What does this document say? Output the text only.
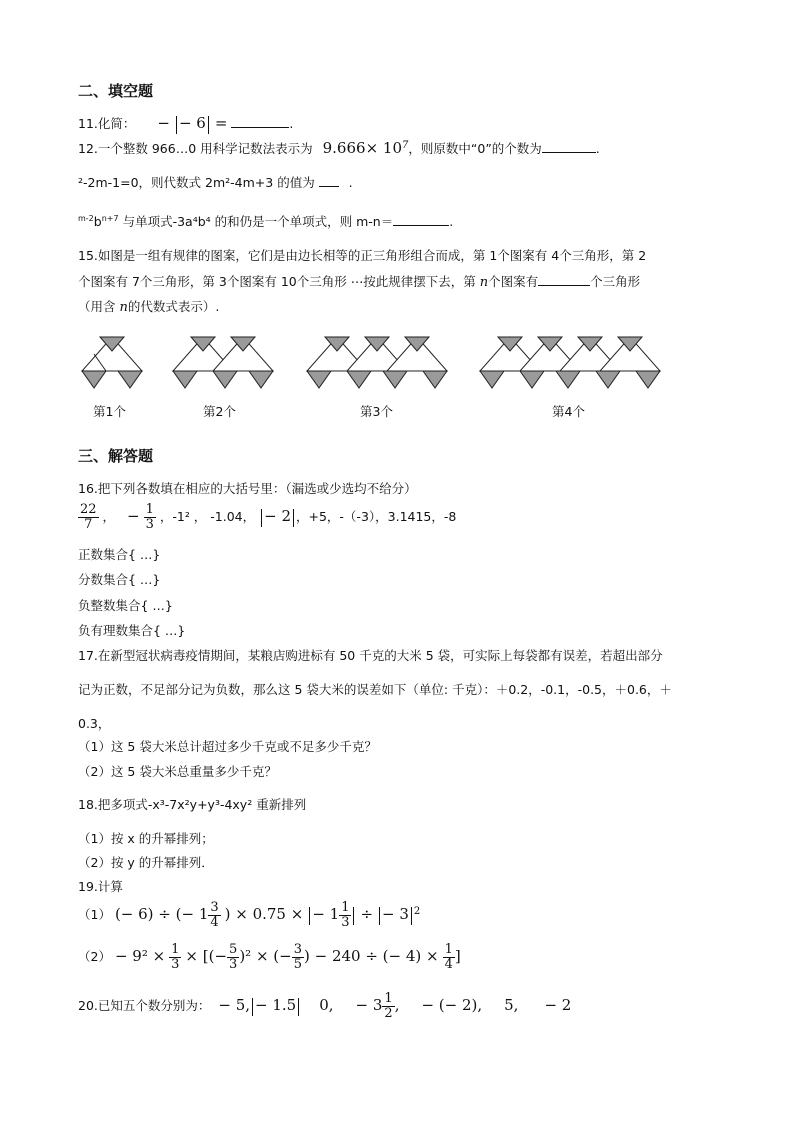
二、填空题
11.化简： − − 6 =	.
12.一个整数 966…0 用科学记数法表示为 $9.666\times 10^7$，则原数中“0”的个数为	.
²-2m-1=0，则代数式 2m²-4m+3 的值为	.
$^{m-2}b^{n+7}$ 与单项式-3a⁴b⁴ 的和仍是一个单项式，则 m-n＝	.
15.如图是一组有规律的图案，它们是由边长相等的正三角形组合而成，第 1个图案有 4个三角形，第 2
个图案有 7个三角形，第 3个图案有 10个三角形 ⋯按此规律摆下去，第 n个图案有	个三角形
（用含 n的代数式表示）.
第1个	第2个	第3个	第4个
三、解答题
16.把下列各数填在相应的大括号里：（漏选或少选均不给分）
$\frac{22}{7}$ ， − $\frac{1}{3}$ ，-1² ， -1.04， − 2 ，+5，-（-3），3.1415，-8
正数集合{ …}
分数集合{ …}
负整数集合{ …}
负有理数集合{ …}
17.在新型冠状病毒疫情期间，某粮店购进标有 50 千克的大米 5 袋，可实际上每袋都有误差，若超出部分
记为正数，不足部分记为负数，那么这 5 袋大米的误差如下（单位: 千克）：＋0.2，-0.1，-0.5，＋0.6，＋
0.3，
（1）这 5 袋大米总计超过多少千克或不足多少千克？
（2）这 5 袋大米总重量多少千克？
18.把多项式-x³-7x²y+y³-4xy² 重新排列
（1）按 x 的升幂排列；
（2）按 y 的升幂排列．
19.计算
（1） (− 6) ÷ (− $1 \frac{3}{4}$ ) × 0.75 × − $1 \frac{1}{3}$ ÷ − 3 $^2$
$(2) - 9^2 \times \frac{1}{3}$ × [(− $\frac{5}{3} )^2$ × (− $\frac{3}{5}$ ) − 240 ÷ (− $4) \times \frac{1}{4}$ ]
20.已知五个数分别为： − 5, − 1.5 0, − $3 \frac{1}{2}$ , − (− 2), 5, − 2
